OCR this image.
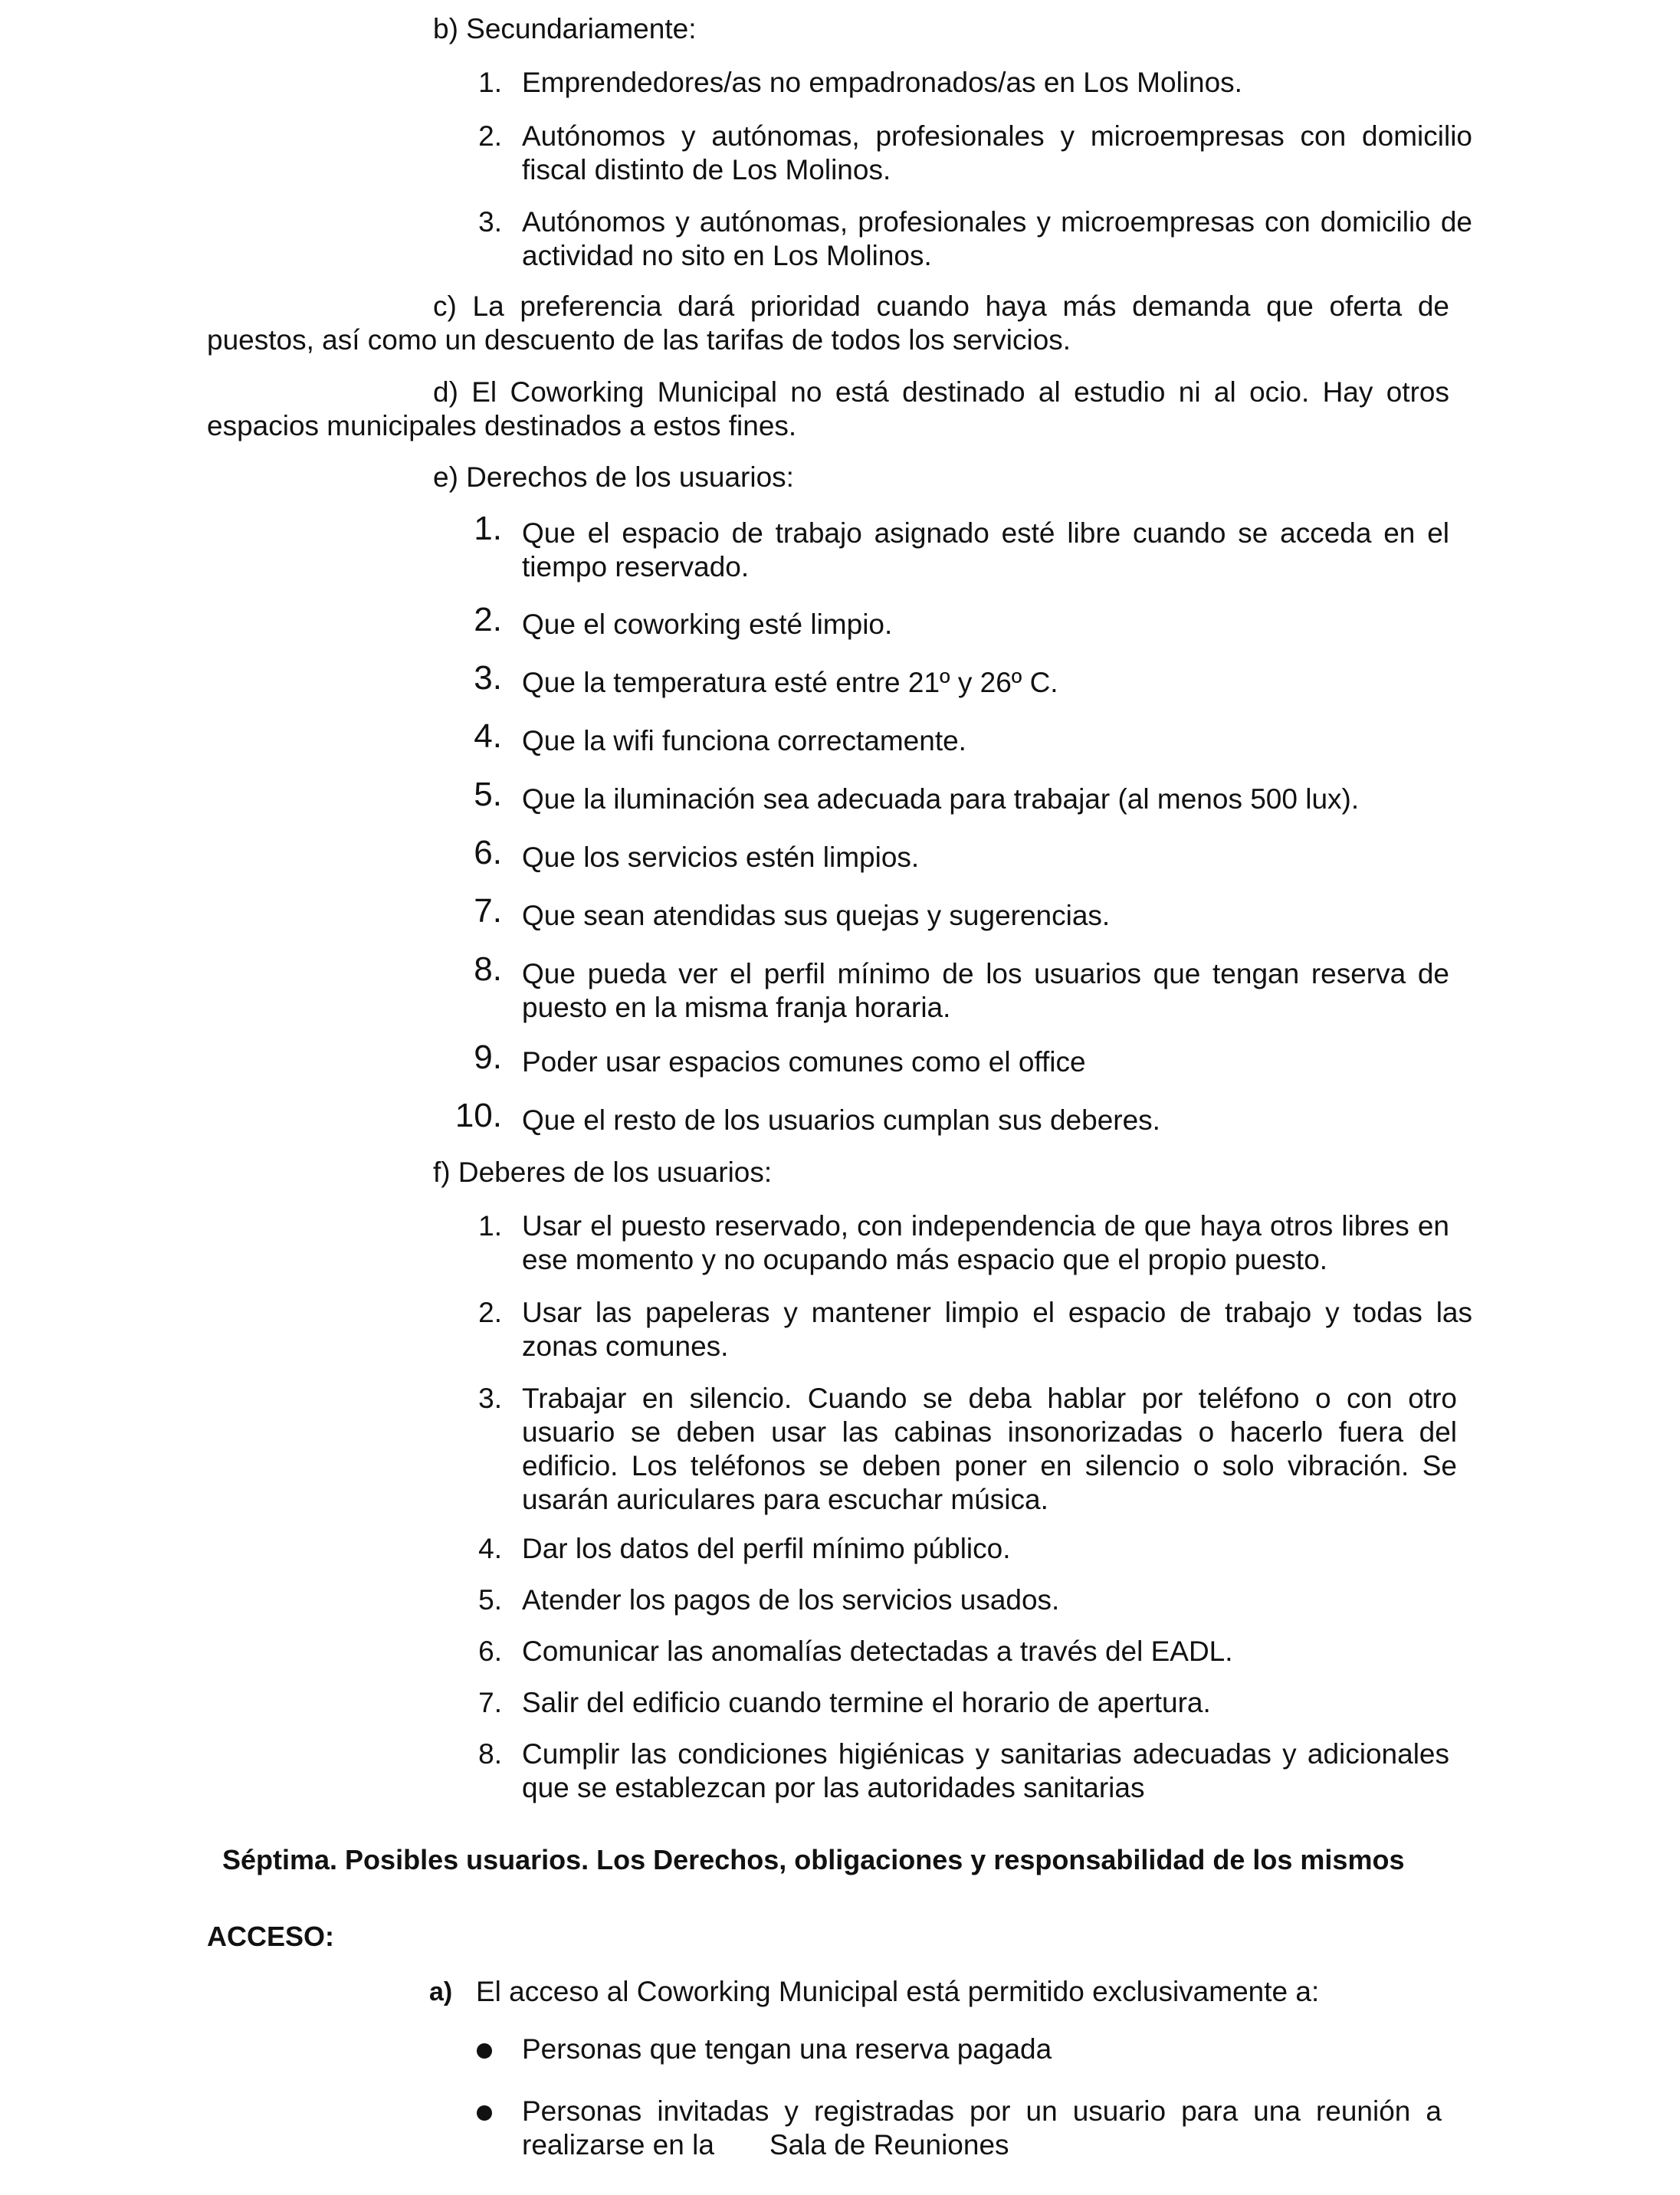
b) Secundariamente:
1. Emprendedores/as no empadronados/as en Los Molinos.
2. Autónomos y autónomas, profesionales y microempresas con domicilio fiscal distinto de Los Molinos.
3. Autónomos y autónomas, profesionales y microempresas con domicilio de actividad no sito en Los Molinos.
c) La preferencia dará prioridad cuando haya más demanda que oferta de
puestos, así como un descuento de las tarifas de todos los servicios.
d) El Coworking Municipal no está destinado al estudio ni al ocio. Hay otros
espacios municipales destinados a estos fines.
e) Derechos de los usuarios:
1. Que el espacio de trabajo asignado esté libre cuando se acceda en el tiempo reservado.
2. Que el coworking esté limpio.
3. Que la temperatura esté entre 21º y 26º C.
4. Que la wifi funciona correctamente.
5. Que la iluminación sea adecuada para trabajar (al menos 500 lux).
6. Que los servicios estén limpios.
7. Que sean atendidas sus quejas y sugerencias.
8. Que pueda ver el perfil mínimo de los usuarios que tengan reserva de puesto en la misma franja horaria.
9. Poder usar espacios comunes como el office
10. Que el resto de los usuarios cumplan sus deberes.
f) Deberes de los usuarios:
1. Usar el puesto reservado, con independencia de que haya otros libres en ese momento y no ocupando más espacio que el propio puesto.
2. Usar las papeleras y mantener limpio el espacio de trabajo y todas las zonas comunes.
3. Trabajar en silencio. Cuando se deba hablar por teléfono o con otro usuario se deben usar las cabinas insonorizadas o hacerlo fuera del edificio. Los teléfonos se deben poner en silencio o solo vibración. Se usarán auriculares para escuchar música.
4. Dar los datos del perfil mínimo público.
5. Atender los pagos de los servicios usados.
6. Comunicar las anomalías detectadas a través del EADL.
7. Salir del edificio cuando termine el horario de apertura.
8. Cumplir las condiciones higiénicas y sanitarias adecuadas y adicionales que se establezcan por las autoridades sanitarias
Séptima. Posibles usuarios. Los Derechos, obligaciones y responsabilidad de los mismos
ACCESO:
a) El acceso al Coworking Municipal está permitido exclusivamente a:
Personas que tengan una reserva pagada
Personas invitadas y registradas por un usuario para una reunión a realizarse en la       Sala de Reuniones
